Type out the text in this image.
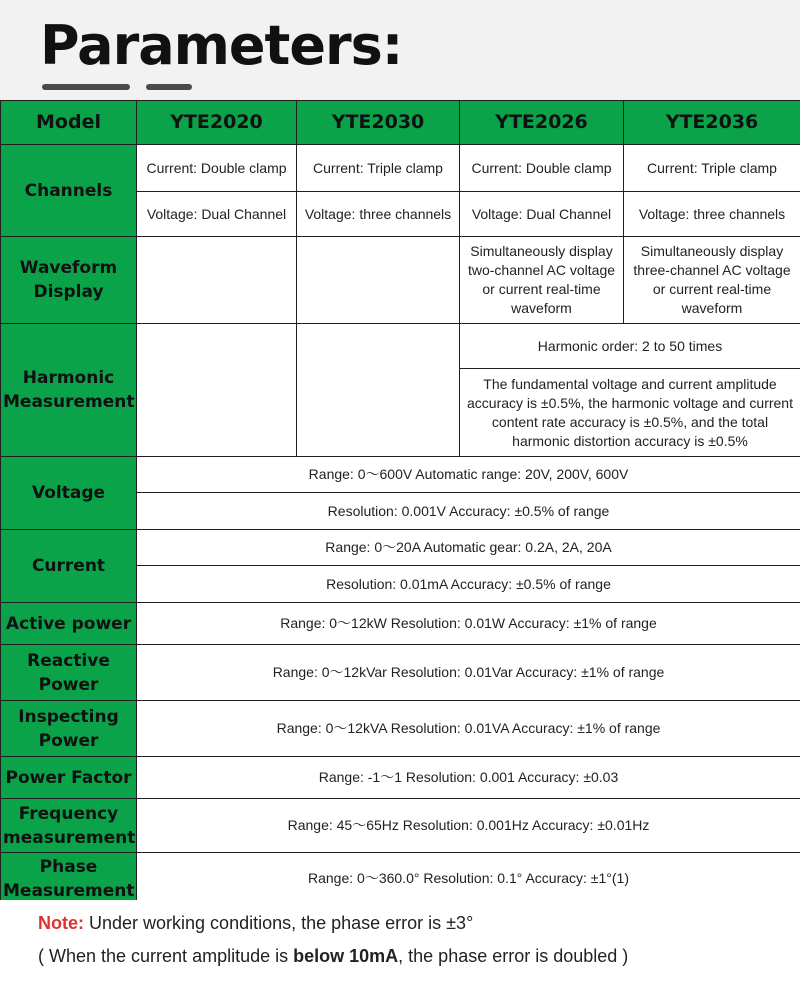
Parameters:
Model	YTE2020	YTE2030	YTE2026	YTE2036
Channels	Current: Double clamp	Current: Triple clamp	Current: Double clamp	Current: Triple clamp
	Voltage: Dual Channel	Voltage: three channels	Voltage: Dual Channel	Voltage: three channels
Waveform Display			Simultaneously display two-channel AC voltage or current real-time waveform	Simultaneously display three-channel AC voltage or current real-time waveform
Harmonic Measurement			Harmonic order: 2 to 50 times	
			The fundamental voltage and current amplitude accuracy is ±0.5%, the harmonic voltage and current content rate accuracy is ±0.5%, and the total harmonic distortion accuracy is ±0.5%	
Voltage	Range: 0～600V Automatic range: 20V, 200V, 600V			
	Resolution: 0.001V Accuracy: ±0.5% of range			
Current	Range: 0～20A Automatic gear: 0.2A, 2A, 20A			
	Resolution: 0.01mA Accuracy: ±0.5% of range			
Active power	Range: 0～12kW Resolution: 0.01W Accuracy: ±1% of range			
Reactive Power	Range: 0～12kVar Resolution: 0.01Var Accuracy: ±1% of range			
Inspecting Power	Range: 0～12kVA Resolution: 0.01VA Accuracy: ±1% of range			
Power Factor	Range: -1～1 Resolution: 0.001 Accuracy: ±0.03			
Frequency measurement	Range: 45～65Hz Resolution: 0.001Hz Accuracy: ±0.01Hz			
Phase Measurement	Range: 0～360.0° Resolution: 0.1° Accuracy: ±1°(1)			
Note: Under working conditions, the phase error is ±3°
( When the current amplitude is below 10mA, the phase error is doubled )
